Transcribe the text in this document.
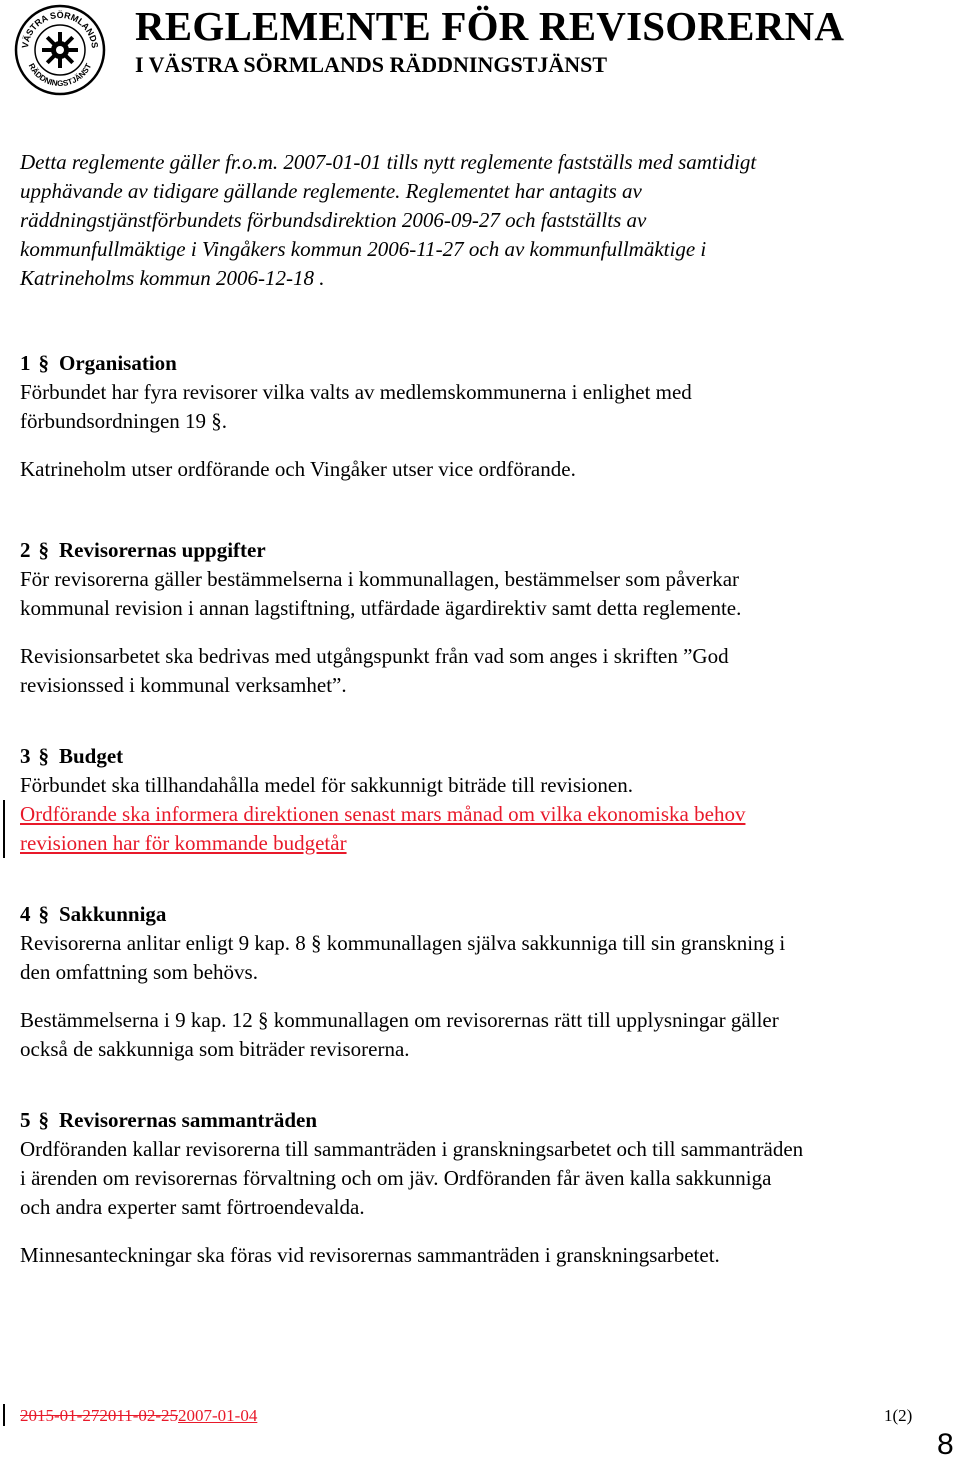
VÄSTRA SÖRMLANDS
RÄDDNINGSTJÄNST
REGLEMENTE FÖR REVISORERNA
I VÄSTRA SÖRMLANDS RÄDDNINGSTJÄNST
Detta reglemente gäller fr.o.m. 2007-01-01 tills nytt reglemente fastställs med samtidigt
upphävande av tidigare gällande reglemente. Reglementet har antagits av
räddningstjänstförbundets förbundsdirektion 2006-09-27 och fastställts av
kommunfullmäktige i Vingåkers kommun 2006-11-27 och av kommunfullmäktige i
Katrineholms kommun 2006-12-18 .
1 § Organisation
Förbundet har fyra revisorer vilka valts av medlemskommunerna i enlighet med
förbundsordningen 19 §.
Katrineholm utser ordförande och Vingåker utser vice ordförande.
2 § Revisorernas uppgifter
För revisorerna gäller bestämmelserna i kommunallagen, bestämmelser som påverkar
kommunal revision i annan lagstiftning, utfärdade ägardirektiv samt detta reglemente.
Revisionsarbetet ska bedrivas med utgångspunkt från vad som anges i skriften ”God
revisionssed i kommunal verksamhet”.
3 § Budget
Förbundet ska tillhandahålla medel för sakkunnigt biträde till revisionen.
Ordförande ska informera direktionen senast mars månad om vilka ekonomiska behov
revisionen har för kommande budgetår
4 § Sakkunniga
Revisorerna anlitar enligt 9 kap. 8 § kommunallagen själva sakkunniga till sin granskning i
den omfattning som behövs.
Bestämmelserna i 9 kap. 12 § kommunallagen om revisorernas rätt till upplysningar gäller
också de sakkunniga som biträder revisorerna.
5 § Revisorernas sammanträden
Ordföranden kallar revisorerna till sammanträden i granskningsarbetet och till sammanträden
i ärenden om revisorernas förvaltning och om jäv. Ordföranden får även kalla sakkunniga
och andra experter samt förtroendevalda.
Minnesanteckningar ska föras vid revisorernas sammanträden i granskningsarbetet.
2015-01-272011-02-252007-01-04	1(2)
8
